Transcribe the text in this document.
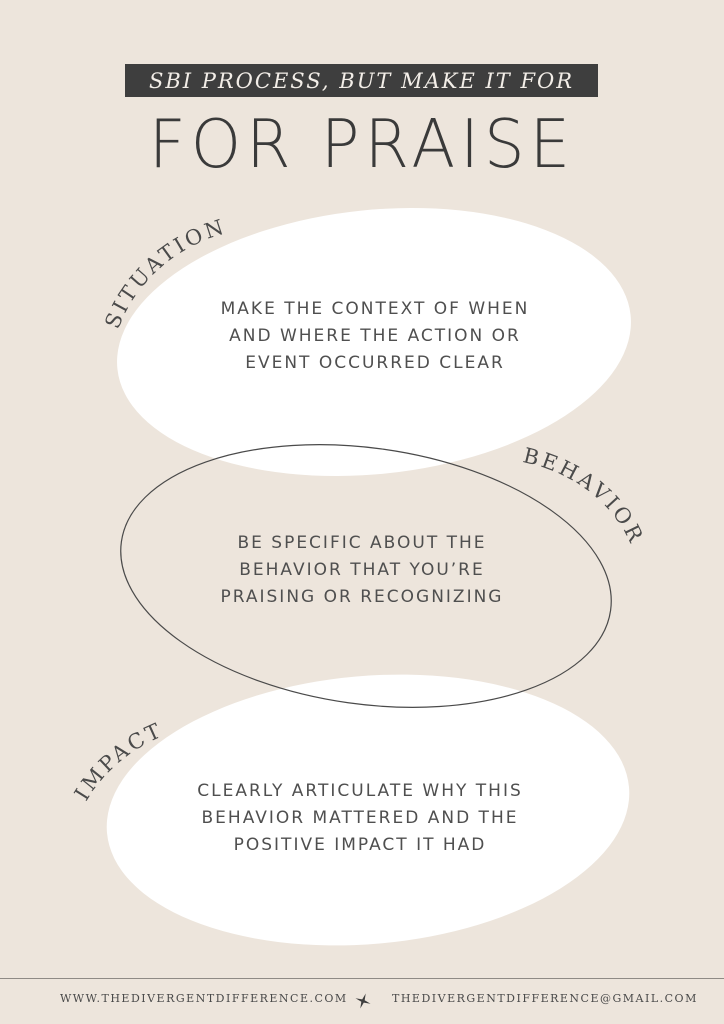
SBI PROCESS, BUT MAKE IT FOR
FOR PRAISE
SITUATION
BEHAVIOR
IMPACT
MAKE THE CONTEXT OF WHEN
AND WHERE THE ACTION OR
EVENT OCCURRED CLEAR
BE SPECIFIC ABOUT THE
BEHAVIOR THAT YOU’RE
PRAISING OR RECOGNIZING
CLEARLY ARTICULATE WHY THIS
BEHAVIOR MATTERED AND THE
POSITIVE IMPACT IT HAD
WWW.THEDIVERGENTDIFFERENCE.COM	THEDIVERGENTDIFFERENCE@GMAIL.COM
